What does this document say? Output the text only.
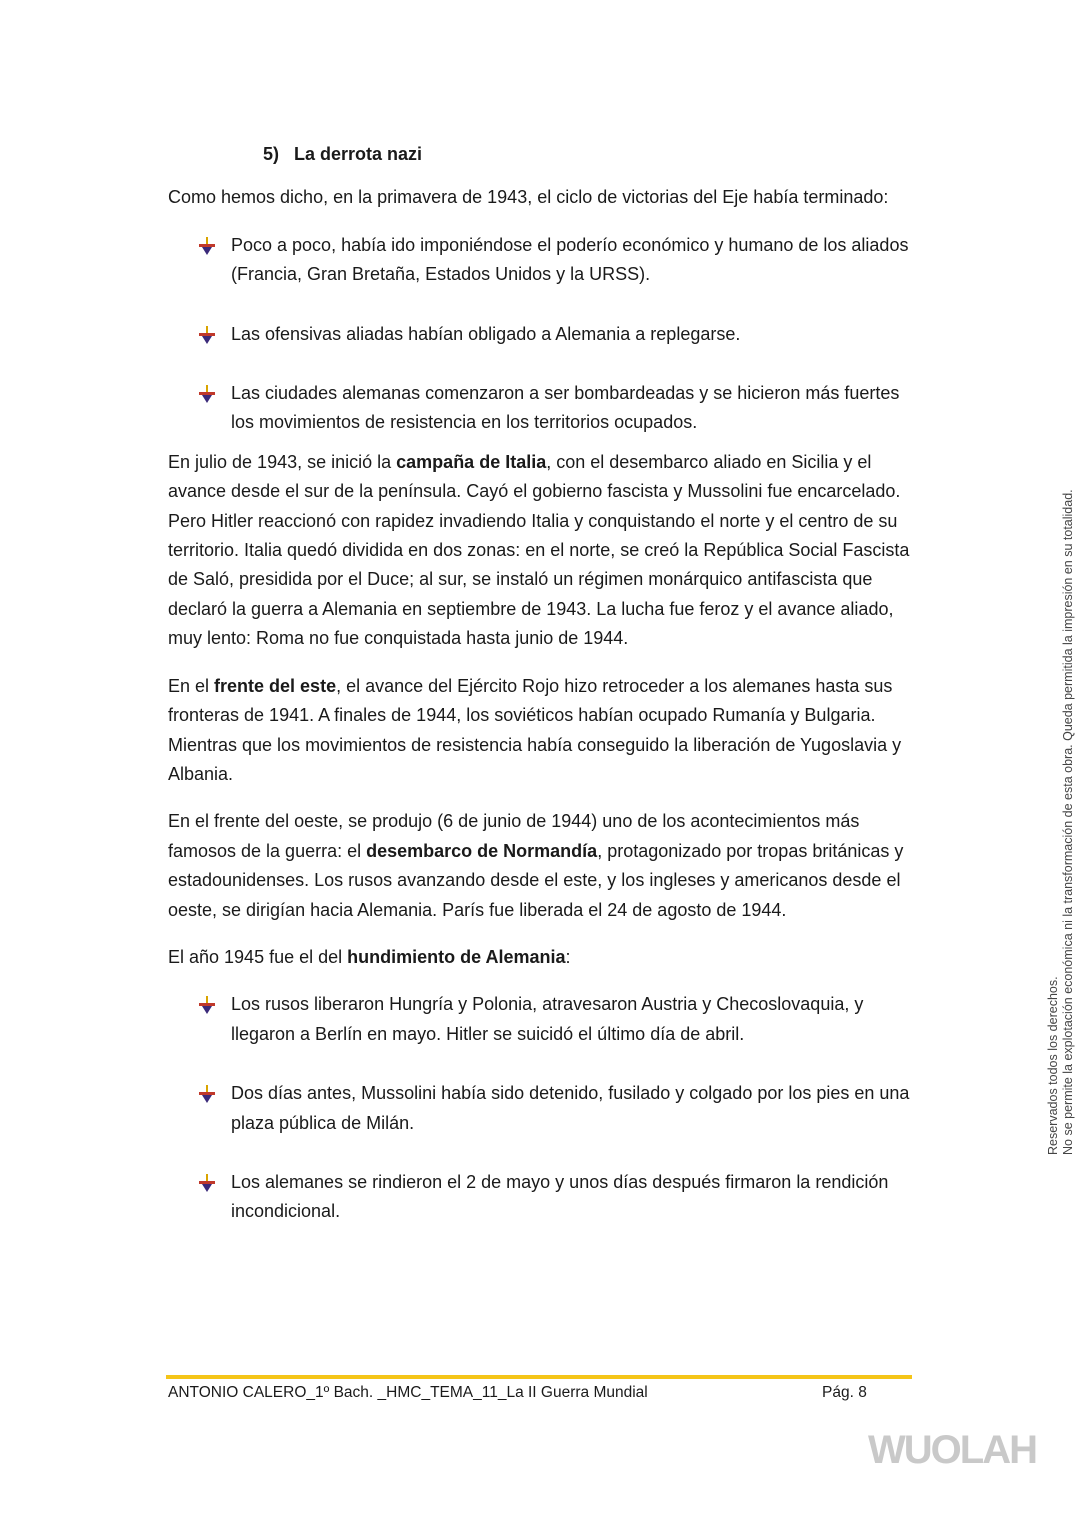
5) La derrota nazi

Como hemos dicho, en la primavera de 1943, el ciclo de victorias del Eje había terminado:

Poco a poco, había ido imponiéndose el poderío económico y humano de los aliados (Francia, Gran Bretaña, Estados Unidos y la URSS).
Las ofensivas aliadas habían obligado a Alemania a replegarse.
Las ciudades alemanas comenzaron a ser bombardeadas y se hicieron más fuertes los movimientos de resistencia en los territorios ocupados.

En julio de 1943, se inició la campaña de Italia, con el desembarco aliado en Sicilia y el avance desde el sur de la península. Cayó el gobierno fascista y Mussolini fue encarcelado. Pero Hitler reaccionó con rapidez invadiendo Italia y conquistando el norte y el centro de su territorio. Italia quedó dividida en dos zonas: en el norte, se creó la República Social Fascista de Saló, presidida por el Duce; al sur, se instaló un régimen monárquico antifascista que declaró la guerra a Alemania en septiembre de 1943. La lucha fue feroz y el avance aliado, muy lento: Roma no fue conquistada hasta junio de 1944.

En el frente del este, el avance del Ejército Rojo hizo retroceder a los alemanes hasta sus fronteras de 1941. A finales de 1944, los soviéticos habían ocupado Rumanía y Bulgaria. Mientras que los movimientos de resistencia había conseguido la liberación de Yugoslavia y Albania.

En el frente del oeste, se produjo (6 de junio de 1944) uno de los acontecimientos más famosos de la guerra: el desembarco de Normandía, protagonizado por tropas británicas y estadounidenses. Los rusos avanzando desde el este, y los ingleses y americanos desde el oeste, se dirigían hacia Alemania. París fue liberada el 24 de agosto de 1944.

El año 1945 fue el del hundimiento de Alemania:

Los rusos liberaron Hungría y Polonia, atravesaron Austria y Checoslovaquia, y llegaron a Berlín en mayo. Hitler se suicidó el último día de abril.
Dos días antes, Mussolini había sido detenido, fusilado y colgado por los pies en una plaza pública de Milán.
Los alemanes se rindieron el 2 de mayo y unos días después firmaron la rendición incondicional.
ANTONIO CALERO_1º Bach. _HMC_TEMA_11_La II Guerra Mundial	Pág. 8
Reservados todos los derechos. No se permite la explotación económica ni la transformación de esta obra. Queda permitida la impresión en su totalidad.
WUOLAH
